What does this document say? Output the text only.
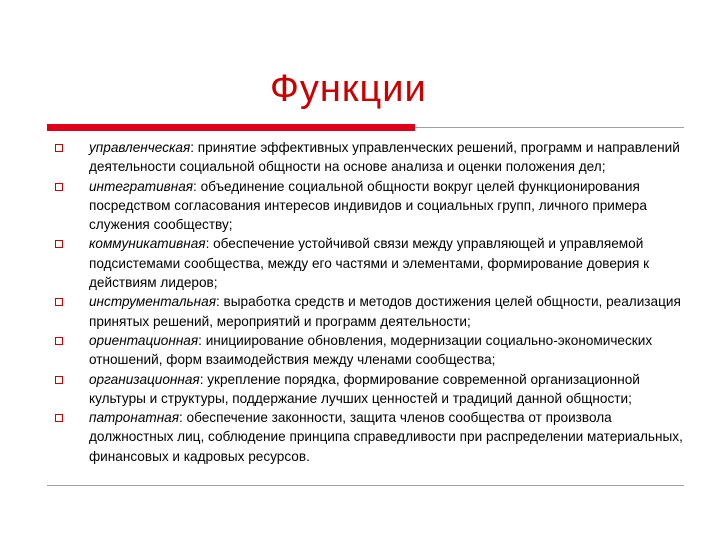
Функции
управленческая: принятие эффективных управленческих решений, программ и направлений деятельности социальной общности на основе анализа и оценки положения дел;
интегративная: объединение социальной общности вокруг целей функционирования посредством согласования интересов индивидов и социальных групп, личного примера служения сообществу;
коммуникативная: обеспечение устойчивой связи между управляющей и управляемой подсистемами сообщества, между его частями и элементами, формирование доверия к действиям лидеров;
инструментальная: выработка средств и методов достижения целей общности, реализация принятых решений, мероприятий и программ деятельности;
ориентационная: инициирование обновления, модернизации социально-экономических отношений, форм взаимодействия между членами сообщества;
организационная: укрепление порядка, формирование современной организационной культуры и структуры, поддержание лучших ценностей и традиций данной общности;
патронатная: обеспечение законности, защита членов сообщества от произвола должностных лиц, соблюдение принципа справедливости при распределении материальных, финансовых и кадровых ресурсов.
